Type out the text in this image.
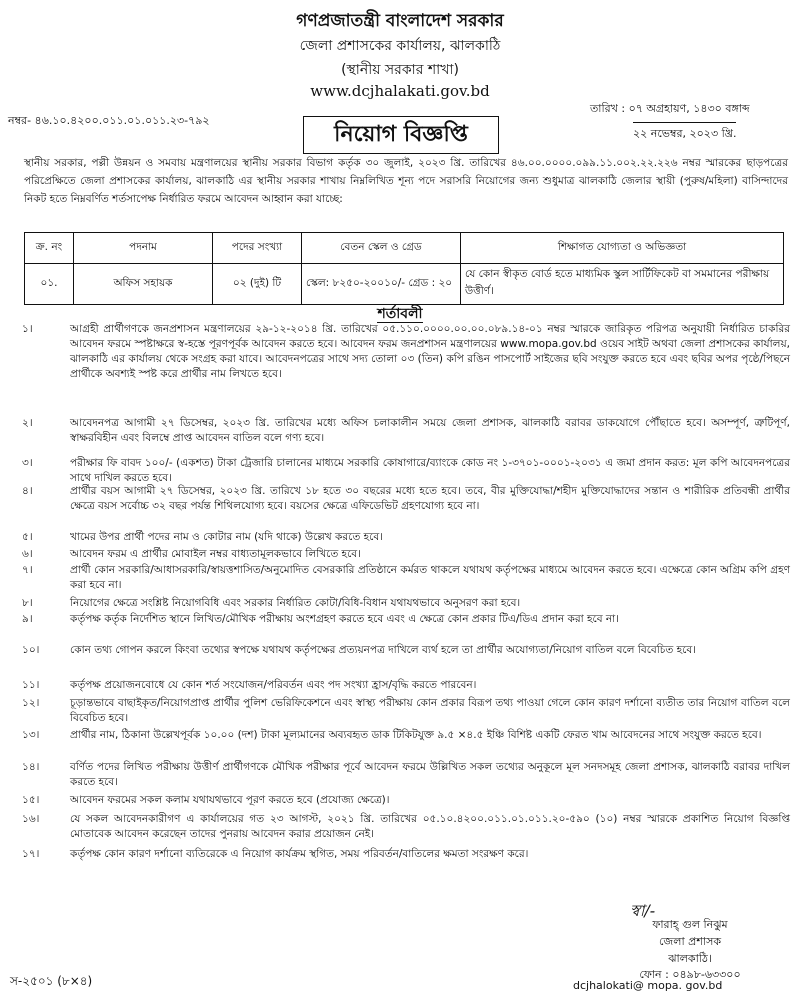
গণপ্রজাতন্ত্রী বাংলাদেশ সরকার
জেলা প্রশাসকের কার্যালয়, ঝালকাঠি
(স্থানীয় সরকার শাখা)
www.dcjhalakati.gov.bd
নম্বর- ৪৬.১০.৪২০০.০১১.০১.০১১.২৩-৭৯২
তারিখ : ০৭ অগ্রহায়ণ, ১৪৩০ বঙ্গাব্দ
২২ নভেম্বর, ২০২৩ খ্রি.
নিয়োগ বিজ্ঞপ্তি
স্থানীয় সরকার, পল্লী উন্নয়ন ও সমবায় মন্ত্রণালয়ের স্থানীয় সরকার বিভাগ কর্তৃক ৩০ জুলাই, ২০২৩ খ্রি. তারিখের ৪৬.০০.০০০০.০৯৯.১১.০০২.২২.২২৬ নম্বর স্মারকের ছাড়পত্রের পরিপ্রেক্ষিতে জেলা প্রশাসকের কার্যালয়, ঝালকাঠি এর স্থানীয় সরকার শাখায় নিম্নলিখিত শূন্য পদে সরাসরি নিয়োগের জন্য শুধুমাত্র ঝালকাঠি জেলার স্থায়ী (পুরুষ/মহিলা) বাসিন্দাদের নিকট হতে নিম্নবর্ণিত শর্তসাপেক্ষ নির্ধারিত ফরমে আবেদন আহ্বান করা যাচ্ছে:
ক্র. নং	পদনাম	পদের সংখ্যা	বেতন স্কেল ও গ্রেড	শিক্ষাগত যোগ্যতা ও অভিজ্ঞতা
০১.	অফিস সহায়ক	০২ (দুই) টি	স্কেল: ৮২৫০-২০০১০/- গ্রেড : ২০	যে কোন স্বীকৃত বোর্ড হতে মাধ্যমিক স্কুল সার্টিফিকেট বা সমমানের পরীক্ষায় উত্তীর্ণ।
শর্তাবলী
১।	আগ্রহী প্রার্থীগণকে জনপ্রশাসন মন্ত্রণালয়ের ২৯-১২-২০১৪ খ্রি. তারিখের ০৫.১১০.০০০০.০০.০০.০৮৯.১৪-০১ নম্বর স্মারকে জারিকৃত পরিপত্র অনুযায়ী নির্ধারিত চাকরির আবেদন ফরমে স্পষ্টাক্ষরে স্ব-হস্তে পূরণপূর্বক আবেদন করতে হবে। আবেদন ফরম জনপ্রশাসন মন্ত্রণালয়ের www.mopa.gov.bd ওয়েব সাইট অথবা জেলা প্রশাসকের কার্যালয়, ঝালকাঠি এর কার্যালয় থেকে সংগ্রহ করা যাবে। আবেদনপত্রের সাথে সদ্য তোলা ০৩ (তিন) কপি রঙিন পাসপোর্ট সাইজের ছবি সংযুক্ত করতে হবে এবং ছবির অপর পৃষ্ঠে/পিছনে প্রার্থীকে অবশ্যই স্পষ্ট করে প্রার্থীর নাম লিখতে হবে।
২।	আবেদনপত্র আগামী ২৭ ডিসেম্বর, ২০২৩ খ্রি. তারিখের মধ্যে অফিস চলাকালীন সময়ে জেলা প্রশাসক, ঝালকাঠি বরাবর ডাকযোগে পৌঁছাতে হবে। অসম্পূর্ণ, ত্রুটিপূর্ণ, স্বাক্ষরবিহীন এবং বিলম্বে প্রাপ্ত আবেদন বাতিল বলে গণ্য হবে।
৩।	পরীক্ষার ফি বাবদ ১০০/- (একশত) টাকা ট্রেজারি চালানের মাধ্যমে সরকারি কোষাগারে/ব্যাংকে কোড নং ১-৩৭০১-০০০১-২০৩১ এ জমা প্রদান করত: মূল কপি আবেদনপত্রের সাথে দাখিল করতে হবে।
৪।	প্রার্থীর বয়স আগামী ২৭ ডিসেম্বর, ২০২৩ খ্রি. তারিখে ১৮ হতে ৩০ বছরের মধ্যে হতে হবে। তবে, বীর মুক্তিযোদ্ধা/শহীদ মুক্তিযোদ্ধাদের সন্তান ও শারীরিক প্রতিবন্ধী প্রার্থীর ক্ষেত্রে বয়স সর্বোচ্চ ৩২ বছর পর্যন্ত শিথিলযোগ্য হবে। বয়সের ক্ষেত্রে এফিডেভিট গ্রহণযোগ্য হবে না।
৫।	খামের উপর প্রার্থী পদের নাম ও কোটার নাম (যদি থাকে) উল্লেখ করতে হবে।
৬।	আবেদন ফরম এ প্রার্থীর মোবাইল নম্বর বাধ্যতামূলকভাবে লিখিতে হবে।
৭।	প্রার্থী কোন সরকারি/আধাসরকারি/স্বায়ত্তশাসিত/অনুমোদিত বেসরকারি প্রতিষ্ঠানে কর্মরত থাকলে যথাযথ কর্তৃপক্ষের মাধ্যমে আবেদন করতে হবে। এক্ষেত্রে কোন অগ্রিম কপি গ্রহণ করা হবে না।
৮।	নিয়োগের ক্ষেত্রে সংশ্লিষ্ট নিয়োগবিধি এবং সরকার নির্ধারিত কোটা/বিধি-বিধান যথাযথভাবে অনুসরণ করা হবে।
৯।	কর্তৃপক্ষ কর্তৃক নির্দেশিত স্থানে লিখিত/মৌখিক পরীক্ষায় অংশগ্রহণ করতে হবে এবং এ ক্ষেত্রে কোন প্রকার টিএ/ডিএ প্রদান করা হবে না।
১০।	কোন তথ্য গোপন করলে কিংবা তথ্যের স্বপক্ষে যথাযথ কর্তৃপক্ষের প্রত্যয়নপত্র দাখিলে ব্যর্থ হলে তা প্রার্থীর অযোগ্যতা/নিয়োগ বাতিল বলে বিবেচিত হবে।
১১।	কর্তৃপক্ষ প্রয়োজনবোধে যে কোন শর্ত সংযোজন/পরিবর্তন এবং পদ সংখ্যা হ্রাস/বৃদ্ধি করতে পারবেন।
১২।	চূড়ান্তভাবে বাছাইকৃত/নিয়োগপ্রাপ্ত প্রার্থীর পুলিশ ভেরিফিকেশনে এবং স্বাস্থ্য পরীক্ষায় কোন প্রকার বিরূপ তথ্য পাওয়া গেলে কোন কারণ দর্শানো ব্যতীত তার নিয়োগ বাতিল বলে বিবেচিত হবে।
১৩।	প্রার্থীর নাম, ঠিকানা উল্লেখপূর্বক ১০.০০ (দশ) টাকা মূল্যমানের অব্যবহৃত ডাক টিকিটযুক্ত ৯.৫ ×৪.৫ ইঞ্চি বিশিষ্ট একটি ফেরত খাম আবেদনের সাথে সংযুক্ত করতে হবে।
১৪।	বর্ণিত পদের লিখিত পরীক্ষায় উত্তীর্ণ প্রার্থীগণকে মৌখিক পরীক্ষার পূর্বে আবেদন ফরমে উল্লিখিত সকল তথ্যের অনুকূলে মূল সনদসমূহ জেলা প্রশাসক, ঝালকাঠি বরাবর দাখিল করতে হবে।
১৫।	আবেদন ফরমের সকল কলাম যথাযথভাবে পূরণ করতে হবে (প্রযোজ্য ক্ষেত্রে)।
১৬।	যে সকল আবেদনকারীগণ এ কার্যালয়ের গত ২৩ আগস্ট, ২০২১ খ্রি. তারিখের ০৫.১০.৪২০০.০১১.০১.০১১.২০-৫৯০ (১০) নম্বর স্মারকে প্রকাশিত নিয়োগ বিজ্ঞপ্তি মোতাবেক আবেদন করেছেন তাদের পুনরায় আবেদন করার প্রয়োজন নেই।
১৭।	কর্তৃপক্ষ কোন কারণ দর্শানো ব্যতিরেকে এ নিয়োগ কার্যক্রম স্থগিত, সময় পরিবর্তন/বাতিলের ক্ষমতা সংরক্ষণ করে।
স্বা/-
ফারাহ্ গুল নিঝুম
জেলা প্রশাসক
ঝালকাঠি।
ফোন : ০৪৯৮-৬৩৩০০
dcjhalokati@ mopa. gov.bd
স-২৫০১ (৮×৪)
